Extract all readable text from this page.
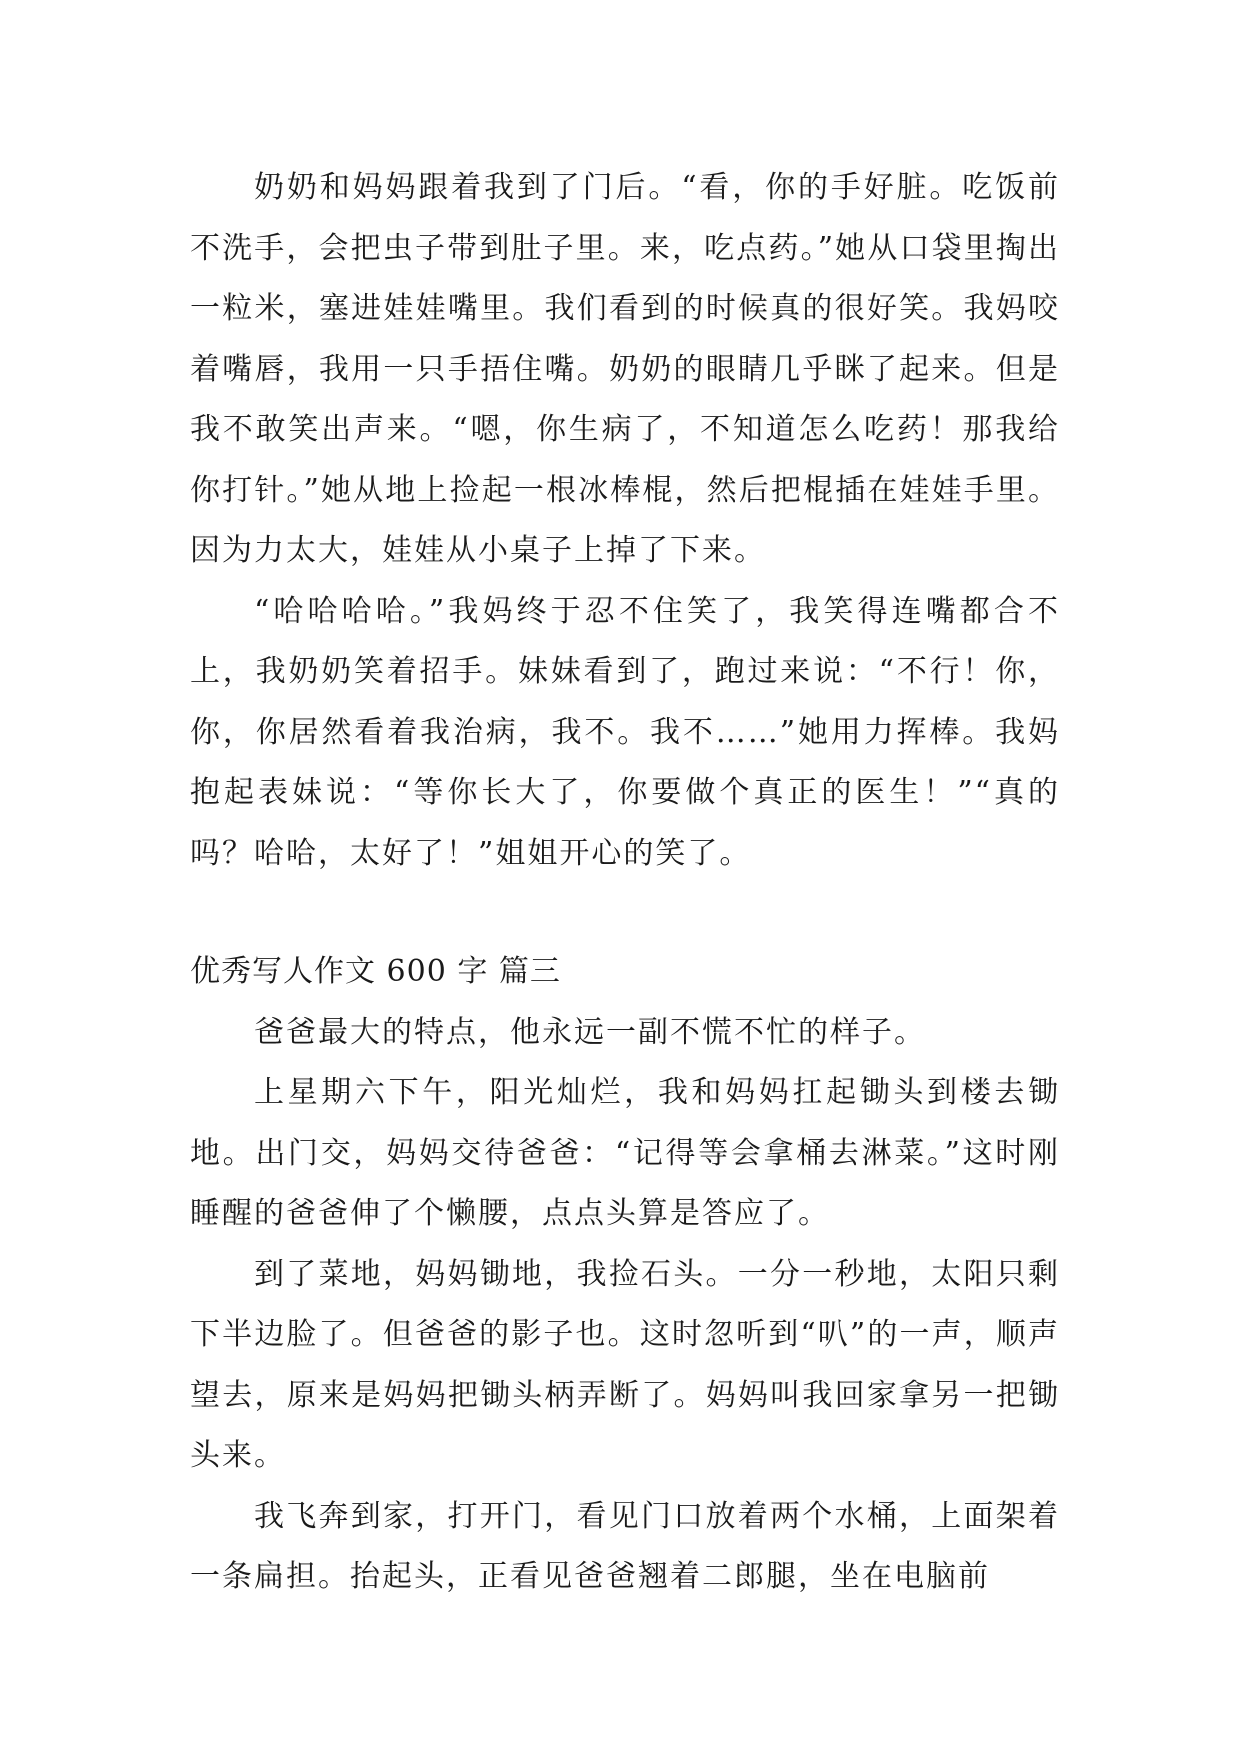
奶奶和妈妈跟着我到了门后。“看，你的手好脏。吃饭前不洗手，会把虫子带到肚子里。来，吃点药。”她从口袋里掏出一粒米，塞进娃娃嘴里。我们看到的时候真的很好笑。我妈咬着嘴唇，我用一只手捂住嘴。奶奶的眼睛几乎眯了起来。但是我不敢笑出声来。“嗯，你生病了，不知道怎么吃药！那我给你打针。”她从地上捡起一根冰棒棍，然后把棍插在娃娃手里。因为力太大，娃娃从小桌子上掉了下来。

“哈哈哈哈。”我妈终于忍不住笑了，我笑得连嘴都合不上，我奶奶笑着招手。妹妹看到了，跑过来说：“不行！你，你，你居然看着我治病，我不。我不……”她用力挥棒。我妈抱起表妹说：“等你长大了，你要做个真正的医生！”“真的吗？哈哈，太好了！”姐姐开心的笑了。

优秀写人作文 600 字 篇三

爸爸最大的特点，他永远一副不慌不忙的样子。

上星期六下午，阳光灿烂，我和妈妈扛起锄头到楼去锄地。出门交，妈妈交待爸爸：“记得等会拿桶去淋菜。”这时刚睡醒的爸爸伸了个懒腰，点点头算是答应了。

到了菜地，妈妈锄地，我捡石头。一分一秒地，太阳只剩下半边脸了。但爸爸的影子也。这时忽听到“叭”的一声，顺声望去，原来是妈妈把锄头柄弄断了。妈妈叫我回家拿另一把锄头来。

我飞奔到家，打开门，看见门口放着两个水桶，上面架着一条扁担。抬起头，正看见爸爸翘着二郎腿，坐在电脑前
